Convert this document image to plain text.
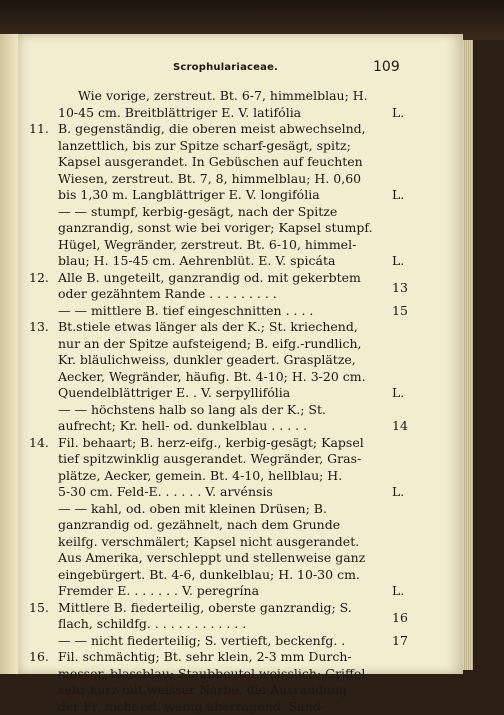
Scrophulariaceae.	109
Wie vorige, zerstreut. Bt. 6-7, himmelblau; H.
10-45 cm. Breitblättriger E. V. latifólia	L.
11. B. gegenständig, die oberen meist abwechselnd,
lanzettlich, bis zur Spitze scharf-gesägt, spitz;
Kapsel ausgerandet. In Gebüschen auf feuchten
Wiesen, zerstreut. Bt. 7, 8, himmelblau; H. 0,60
bis 1,30 m. Langblättriger E. V. longifólia	L.
— — stumpf, kerbig-gesägt, nach der Spitze
ganzrandig, sonst wie bei voriger; Kapsel stumpf.
Hügel, Wegränder, zerstreut. Bt. 6-10, himmel-
blau; H. 15-45 cm. Aehrenblüt. E. V. spicáta	L.
12. Alle B. ungeteilt, ganzrandig od. mit gekerbtem
oder gezähntem Rande . . . . . . . . .	13
— — mittlere B. tief eingeschnitten . . . .	15
13. Bt.stiele etwas länger als der K.; St. kriechend,
nur an der Spitze aufsteigend; B. eifg.-rundlich,
Kr. bläulichweiss, dunkler geadert. Grasplätze,
Aecker, Wegränder, häufig. Bt. 4-10; H. 3-20 cm.
Quendelblättriger E. . V. serpyllifólia	L.
— — höchstens halb so lang als der K.; St.
aufrecht; Kr. hell- od. dunkelblau . . . . .	14
14. Fil. behaart; B. herz-eifg., kerbig-gesägt; Kapsel
tief spitzwinklig ausgerandet. Wegränder, Gras-
plätze, Aecker, gemein. Bt. 4-10, hellblau; H.
5-30 cm. Feld-E. . . . . . V. arvénsis	L.
— — kahl, od. oben mit kleinen Drüsen; B.
ganzrandig od. gezähnelt, nach dem Grunde
keilfg. verschmälert; Kapsel nicht ausgerandet.
Aus Amerika, verschleppt und stellenweise ganz
eingebürgert. Bt. 4-6, dunkelblau; H. 10-30 cm.
Fremder E. . . . . . . V. peregrína	L.
15. Mittlere B. fiederteilig, oberste ganzrandig; S.
flach, schildfg. . . . . . . . . . . . .	16
— — nicht fiederteilig; S. vertieft, beckenfg. .	17
16. Fil. schmächtig; Bt. sehr klein, 2-3 mm Durch-
messer, blassblau; Staubbeutel weisslich; Griffel
sehr kurz mit weisser Narbe, die Ausrandung
der Fr. nicht od. wenig überragend. Sand-
